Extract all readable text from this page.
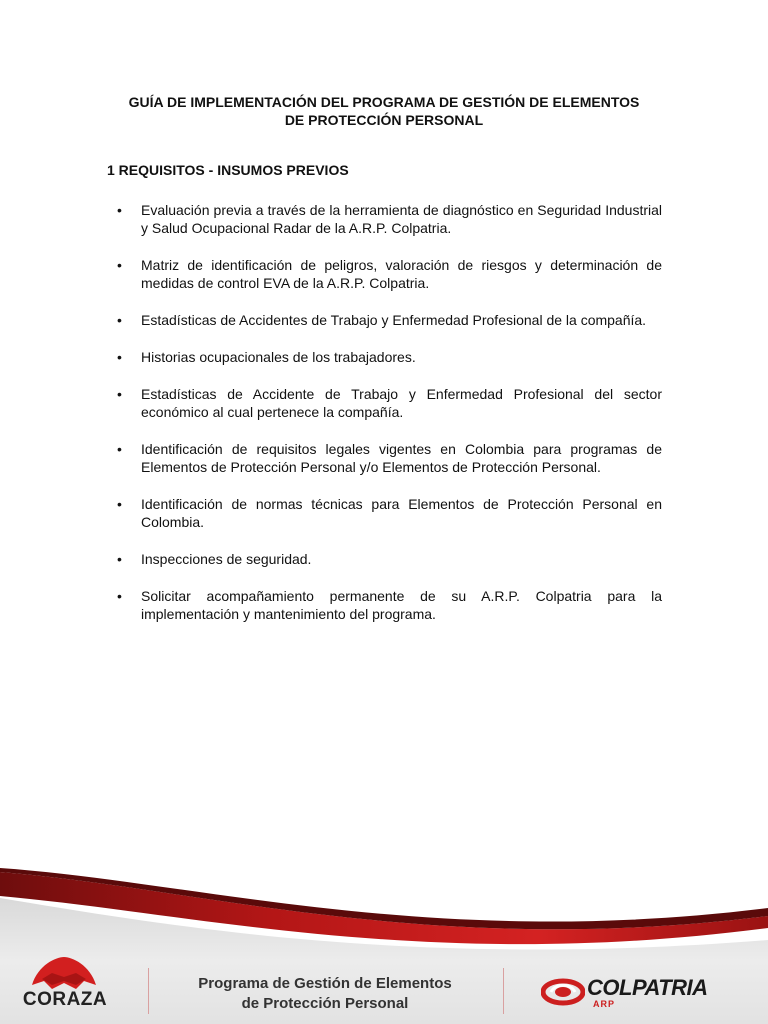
GUÍA DE IMPLEMENTACIÓN DEL PROGRAMA DE GESTIÓN DE ELEMENTOS
DE PROTECCIÓN PERSONAL
1 REQUISITOS - INSUMOS PREVIOS
• Evaluación previa a través de la herramienta de diagnóstico en Seguridad Industrial y Salud Ocupacional Radar de la A.R.P. Colpatria.
• Matriz de identificación de peligros, valoración de riesgos y determinación de medidas de control EVA de la A.R.P. Colpatria.
• Estadísticas de Accidentes de Trabajo y Enfermedad Profesional de la compañía.
• Historias ocupacionales de los trabajadores.
• Estadísticas de Accidente de Trabajo y Enfermedad Profesional del sector económico al cual pertenece la compañía.
• Identificación de requisitos legales vigentes en Colombia para programas de Elementos de Protección Personal y/o Elementos de Protección Personal.
• Identificación de normas técnicas para Elementos de Protección Personal en Colombia.
• Inspecciones de seguridad.
• Solicitar acompañamiento permanente de su A.R.P. Colpatria para la implementación y mantenimiento del programa.
CORAZA
Programa de Gestión de Elementos
de Protección Personal
COLPATRIA
ARP
